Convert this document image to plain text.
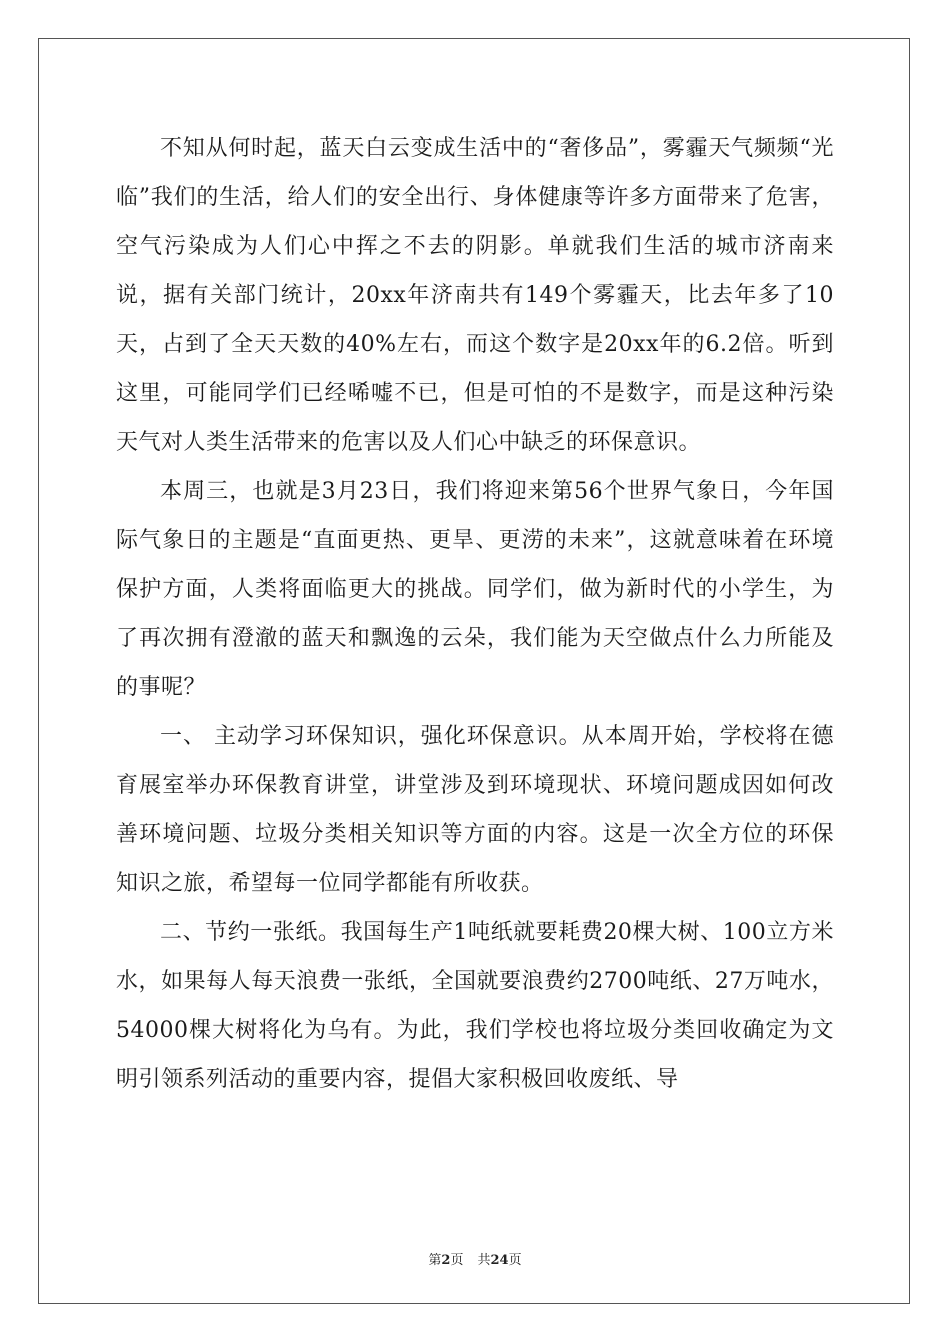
不知从何时起，蓝天白云变成生活中的“奢侈品”，雾霾天气频频“光临”我们的生活，给人们的安全出行、身体健康等许多方面带来了危害，空气污染成为人们心中挥之不去的阴影。单就我们生活的城市济南来说，据有关部门统计，20xx年济南共有149个雾霾天，比去年多了10天，占到了全天天数的40%左右，而这个数字是20xx年的6.2倍。听到这里，可能同学们已经唏嘘不已，但是可怕的不是数字，而是这种污染天气对人类生活带来的危害以及人们心中缺乏的环保意识。

本周三，也就是3月23日，我们将迎来第56个世界气象日，今年国际气象日的主题是“直面更热、更旱、更涝的未来”，这就意味着在环境保护方面，人类将面临更大的挑战。同学们，做为新时代的小学生，为了再次拥有澄澈的蓝天和飘逸的云朵，我们能为天空做点什么力所能及的事呢？

一、 主动学习环保知识，强化环保意识。从本周开始，学校将在德育展室举办环保教育讲堂，讲堂涉及到环境现状、环境问题成因如何改善环境问题、垃圾分类相关知识等方面的内容。这是一次全方位的环保知识之旅，希望每一位同学都能有所收获。

二、节约一张纸。我国每生产1吨纸就要耗费20棵大树、100立方米水，如果每人每天浪费一张纸，全国就要浪费约2700吨纸、27万吨水，54000棵大树将化为乌有。为此，我们学校也将垃圾分类回收确定为文明引领系列活动的重要内容，提倡大家积极回收废纸、导

第2页 共24页
